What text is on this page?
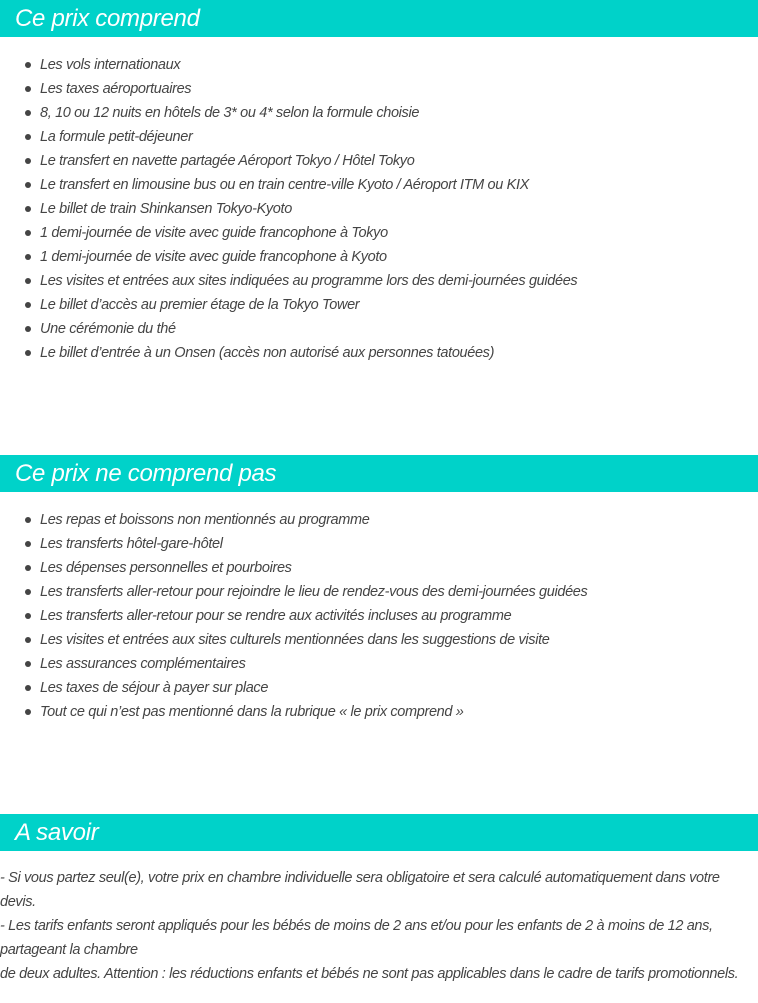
Ce prix comprend
Les vols internationaux
Les taxes aéroportuaires
8, 10 ou 12 nuits en hôtels de 3* ou 4* selon la formule choisie
La formule petit-déjeuner
Le transfert en navette partagée Aéroport Tokyo / Hôtel Tokyo
Le transfert en limousine bus ou en train centre-ville Kyoto / Aéroport ITM ou KIX
Le billet de train Shinkansen Tokyo-Kyoto
1 demi-journée de visite avec guide francophone à Tokyo
1 demi-journée de visite avec guide francophone à Kyoto
Les visites et entrées aux sites indiquées au programme lors des demi-journées guidées
Le billet d’accès au premier étage de la Tokyo Tower
Une cérémonie du thé
Le billet d’entrée à un Onsen (accès non autorisé aux personnes tatouées)
Ce prix ne comprend pas
Les repas et boissons non mentionnés au programme
Les transferts hôtel-gare-hôtel
Les dépenses personnelles et pourboires
Les transferts aller-retour pour rejoindre le lieu de rendez-vous des demi-journées guidées
Les transferts aller-retour pour se rendre aux activités incluses au programme
Les visites et entrées aux sites culturels mentionnées dans les suggestions de visite
Les assurances complémentaires
Les taxes de séjour à payer sur place
Tout ce qui n’est pas mentionné dans la rubrique « le prix comprend »
A savoir

- Si vous partez seul(e), votre prix en chambre individuelle sera obligatoire et sera calculé automatiquement dans votre

devis.

- Les tarifs enfants seront appliqués pour les bébés de moins de 2 ans et/ou pour les enfants de 2 à moins de 12 ans,

partageant la chambre

de deux adultes. Attention : les réductions enfants et bébés ne sont pas applicables dans le cadre de tarifs promotionnels.
